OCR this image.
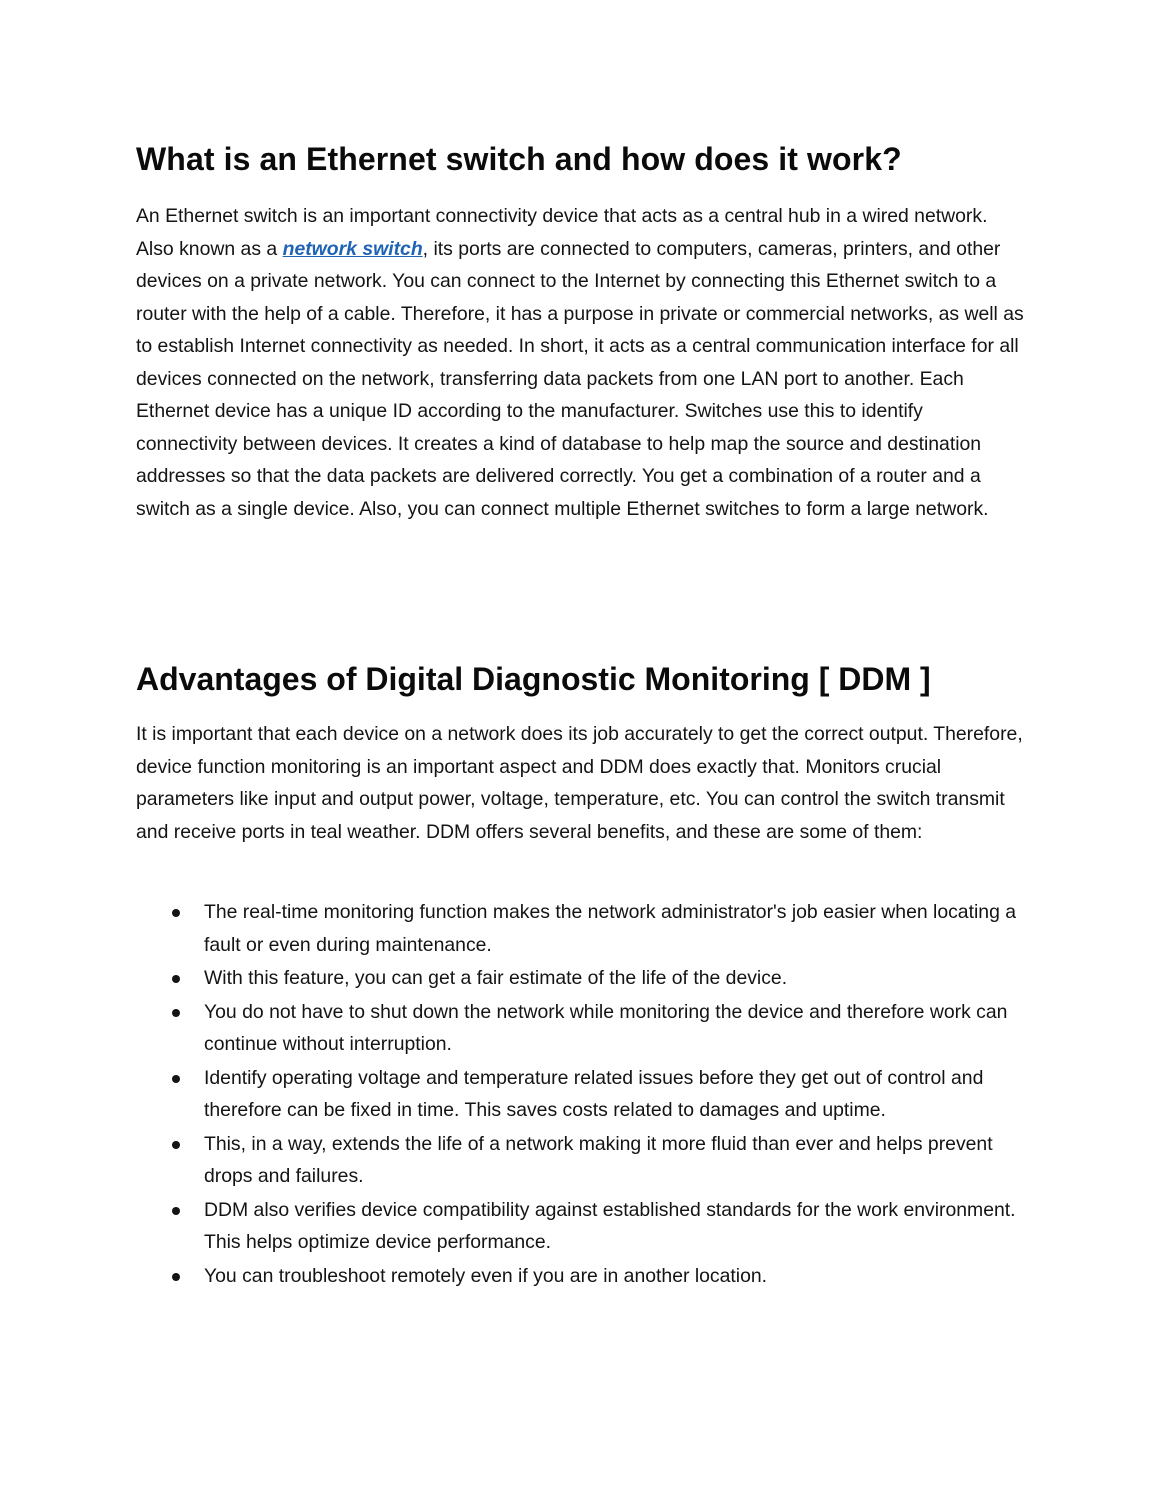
What is an Ethernet switch and how does it work?

An Ethernet switch is an important connectivity device that acts as a central hub in a wired network. Also known as a network switch, its ports are connected to computers, cameras, printers, and other devices on a private network. You can connect to the Internet by connecting this Ethernet switch to a router with the help of a cable. Therefore, it has a purpose in private or commercial networks, as well as to establish Internet connectivity as needed. In short, it acts as a central communication interface for all devices connected on the network, transferring data packets from one LAN port to another. Each Ethernet device has a unique ID according to the manufacturer. Switches use this to identify connectivity between devices. It creates a kind of database to help map the source and destination addresses so that the data packets are delivered correctly. You get a combination of a router and a switch as a single device. Also, you can connect multiple Ethernet switches to form a large network.

Advantages of Digital Diagnostic Monitoring [ DDM ]

It is important that each device on a network does its job accurately to get the correct output. Therefore, device function monitoring is an important aspect and DDM does exactly that. Monitors crucial parameters like input and output power, voltage, temperature, etc. You can control the switch transmit and receive ports in teal weather. DDM offers several benefits, and these are some of them:

The real-time monitoring function makes the network administrator's job easier when locating a fault or even during maintenance.
With this feature, you can get a fair estimate of the life of the device.
You do not have to shut down the network while monitoring the device and therefore work can continue without interruption.
Identify operating voltage and temperature related issues before they get out of control and therefore can be fixed in time. This saves costs related to damages and uptime.
This, in a way, extends the life of a network making it more fluid than ever and helps prevent drops and failures.
DDM also verifies device compatibility against established standards for the work environment. This helps optimize device performance.
You can troubleshoot remotely even if you are in another location.
